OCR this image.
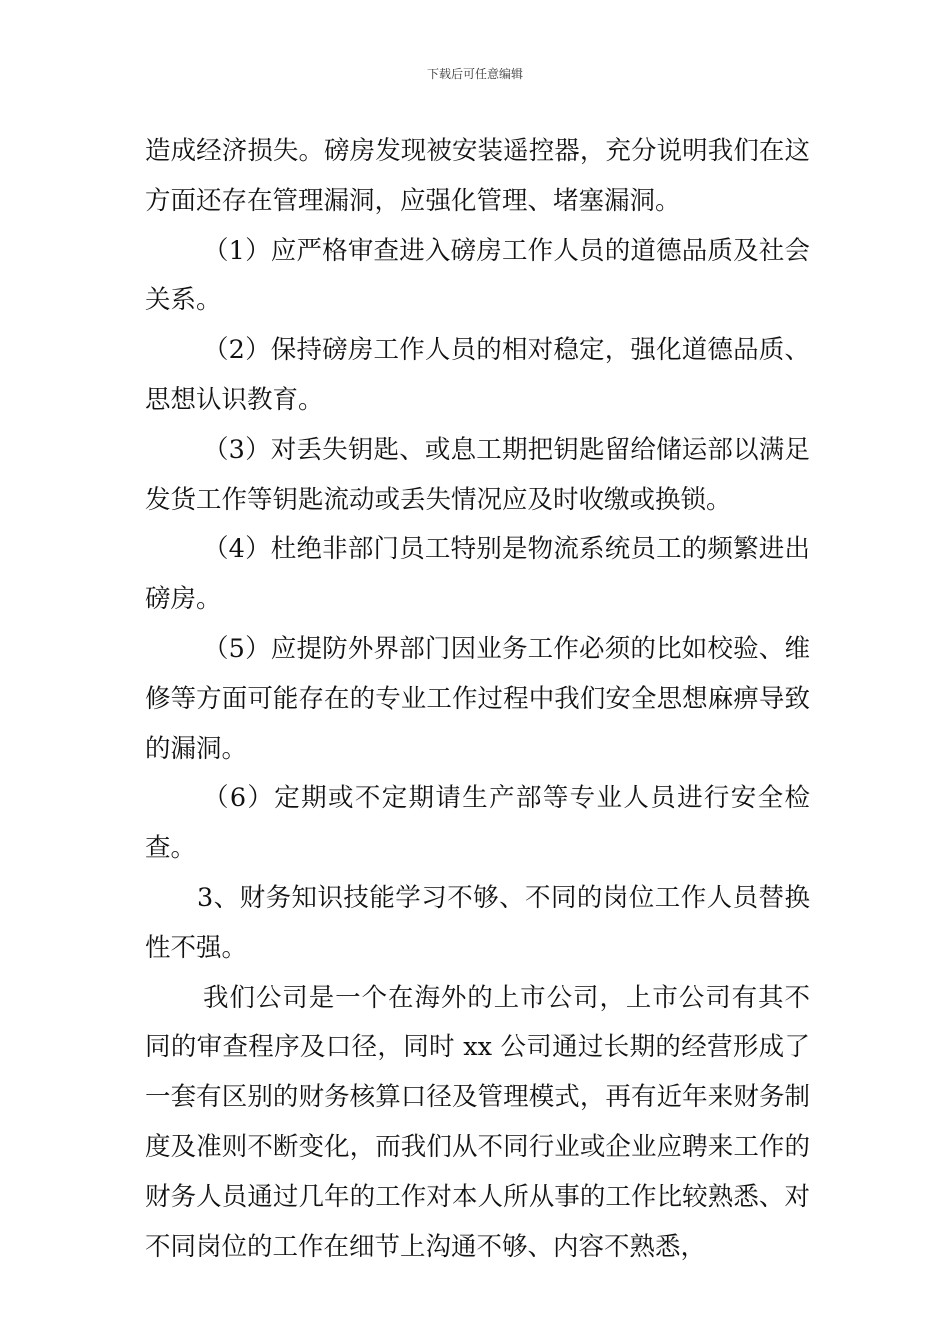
下载后可任意编辑

造成经济损失。磅房发现被安装遥控器，充分说明我们在这方面还存在管理漏洞，应强化管理、堵塞漏洞。

（1）应严格审查进入磅房工作人员的道德品质及社会关系。

（2）保持磅房工作人员的相对稳定，强化道德品质、思想认识教育。

（3）对丢失钥匙、或息工期把钥匙留给储运部以满足发货工作等钥匙流动或丢失情况应及时收缴或换锁。

（4）杜绝非部门员工特别是物流系统员工的频繁进出磅房。

（5）应提防外界部门因业务工作必须的比如校验、维修等方面可能存在的专业工作过程中我们安全思想麻痹导致的漏洞。

（6）定期或不定期请生产部等专业人员进行安全检查。

3、财务知识技能学习不够、不同的岗位工作人员替换性不强。

我们公司是一个在海外的上市公司，上市公司有其不同的审查程序及口径，同时 xx 公司通过长期的经营形成了一套有区别的财务核算口径及管理模式，再有近年来财务制度及准则不断变化，而我们从不同行业或企业应聘来工作的财务人员通过几年的工作对本人所从事的工作比较熟悉、对不同岗位的工作在细节上沟通不够、内容不熟悉，
